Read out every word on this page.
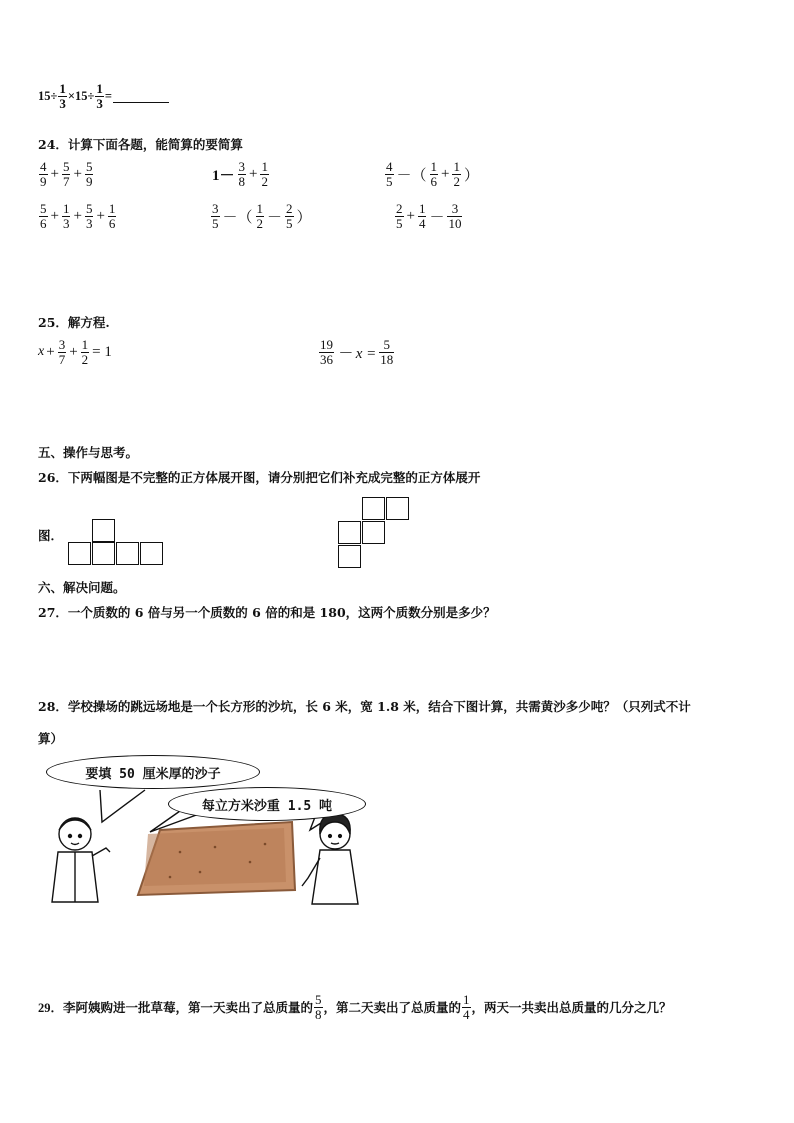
$15\div \frac{1}{3} \times 15\div \frac{1}{3}$ =
24．计算下面各题，能简算的要简算
$\frac{4}{9} + \frac{5}{7} + \frac{5}{9}$	$1- \frac{3}{8} + \frac{1}{2}$	$\frac{4}{5}$ －（ $\frac{1}{6} + \frac{1}{2}$ ）
$\frac{5}{6} + \frac{1}{3} + \frac{5}{3} + \frac{1}{6}$	$\frac{3}{5}$ －（ $\frac{1}{2} - \frac{2}{5}$ ）	$\frac{2}{5} + \frac{1}{4} - \frac{3}{10}$
25．解方程.
$x + \frac{3}{7} + \frac{1}{2} = 1$	$\frac{19}{36} - x = \frac{5}{18}$
五、操作与思考。
26．下两幅图是不完整的正方体展开图，请分别把它们补充成完整的正方体展开
图．
六、解决问题。
27．一个质数的 6 倍与另一个质数的 6 倍的和是 180，这两个质数分别是多少？
28．学校操场的跳远场地是一个长方形的沙坑，长 6 米，宽 1.8 米，结合下图计算，共需黄沙多少吨？（只列式不计
算）
要填 50 厘米厚的沙子
每立方米沙重 1.5 吨
29．李阿姨购进一批草莓，第一天卖出了总质量的 $\frac{5}{8}$ ，第二天卖出了总质量的 $\frac{1}{4}$ ，两天一共卖出总质量的几分之几？
